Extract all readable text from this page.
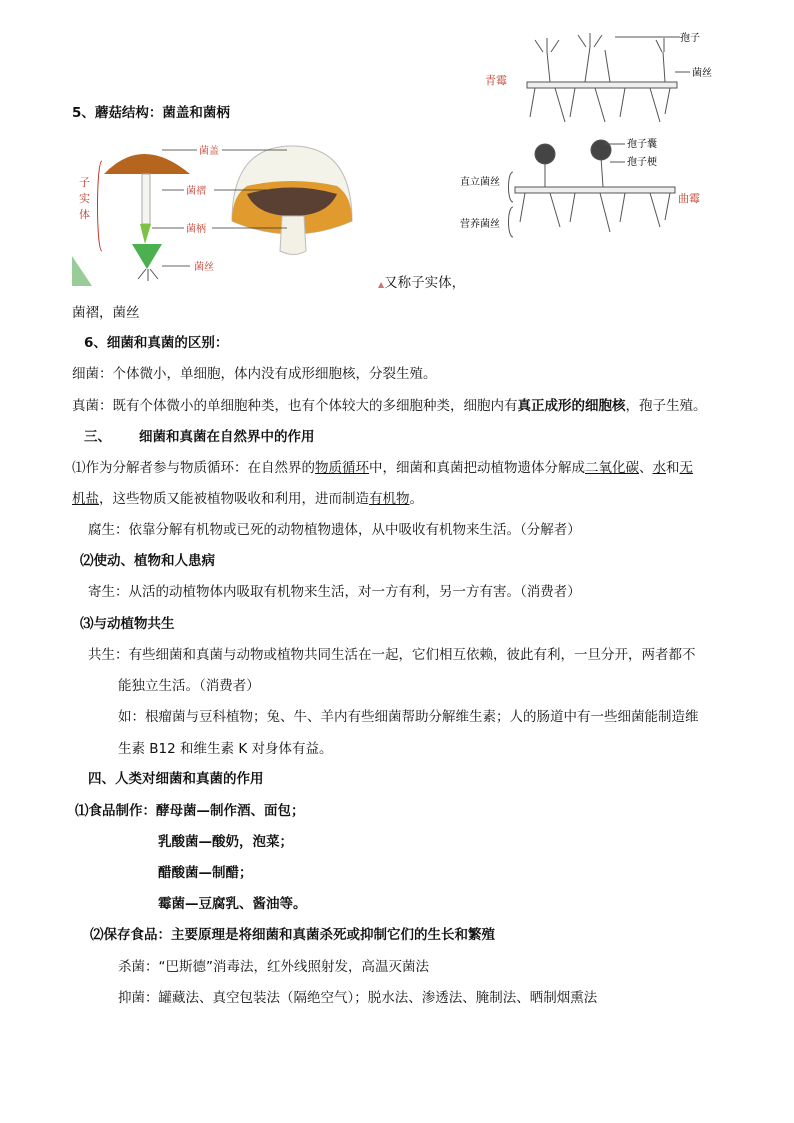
青霉
孢子
菌丝
孢子囊
孢子梗
直立菌丝
营养菌丝
曲霉
子
实
体
菌盖
菌褶
菌柄
菌丝
5、蘑菇结构：菌盖和菌柄
▲又称子实体，
菌褶，菌丝
6、细菌和真菌的区别：
细菌：个体微小，单细胞，体内没有成形细胞核，分裂生殖。
真菌：既有个体微小的单细胞种类，也有个体较大的多细胞种类，细胞内有真正成形的细胞核，孢子生殖。
三、 细菌和真菌在自然界中的作用
⑴作为分解者参与物质循环：在自然界的物质循环中，细菌和真菌把动植物遗体分解成二氧化碳、水和无
机盐，这些物质又能被植物吸收和利用，进而制造有机物。
腐生：依靠分解有机物或已死的动物植物遗体，从中吸收有机物来生活。（分解者）
⑵使动、植物和人患病
寄生：从活的动植物体内吸取有机物来生活，对一方有利，另一方有害。（消费者）
⑶与动植物共生
共生：有些细菌和真菌与动物或植物共同生活在一起，它们相互依赖，彼此有利，一旦分开，两者都不
能独立生活。（消费者）
如：根瘤菌与豆科植物；兔、牛、羊内有些细菌帮助分解维生素；人的肠道中有一些细菌能制造维
生素 B12 和维生素 K 对身体有益。
四、人类对细菌和真菌的作用
⑴食品制作：酵母菌—制作酒、面包；
乳酸菌—酸奶，泡菜；
醋酸菌—制醋；
霉菌—豆腐乳、酱油等。
⑵保存食品：主要原理是将细菌和真菌杀死或抑制它们的生长和繁殖
杀菌：“巴斯德”消毒法，红外线照射发，高温灭菌法
抑菌：罐藏法、真空包装法（隔绝空气）；脱水法、渗透法、腌制法、晒制烟熏法
